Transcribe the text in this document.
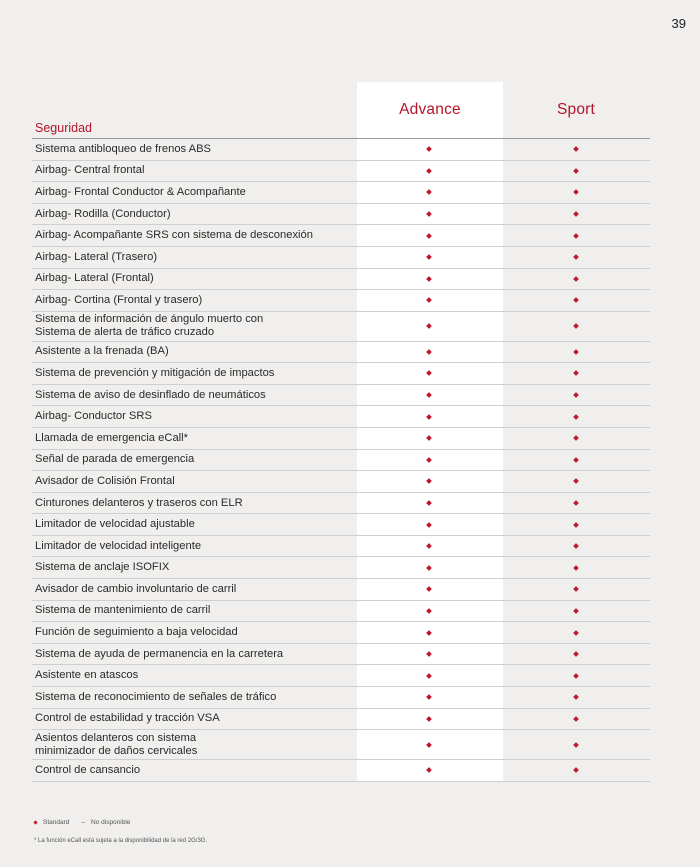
39
Advance	Sport
Seguridad
Sistema antibloqueo de frenos ABS
Airbag- Central frontal
Airbag- Frontal Conductor & Acompañante
Airbag- Rodilla (Conductor)
Airbag- Acompañante SRS con sistema de desconexión
Airbag- Lateral (Trasero)
Airbag- Lateral (Frontal)
Airbag- Cortina (Frontal y trasero)
Sistema de información de ángulo muerto con
Sistema de alerta de tráfico cruzado
Asistente a la frenada (BA)
Sistema de prevención y mitigación de impactos
Sistema de aviso de desinflado de neumáticos
Airbag- Conductor SRS
Llamada de emergencia eCall*
Señal de parada de emergencia
Avisador de Colisión Frontal
Cinturones delanteros y traseros con ELR
Limitador de velocidad ajustable
Limitador de velocidad inteligente
Sistema de anclaje ISOFIX
Avisador de cambio involuntario de carril
Sistema de mantenimiento de carril
Función de seguimiento a baja velocidad
Sistema de ayuda de permanencia en la carretera
Asistente en atascos
Sistema de reconocimiento de señales de tráfico
Control de estabilidad y tracción VSA
Asientos delanteros con sistema
minimizador de daños cervicales
Control de cansancio
Standard – No disponible
* La función eCall está sujeta a la disponibilidad de la red 2G/3G.
